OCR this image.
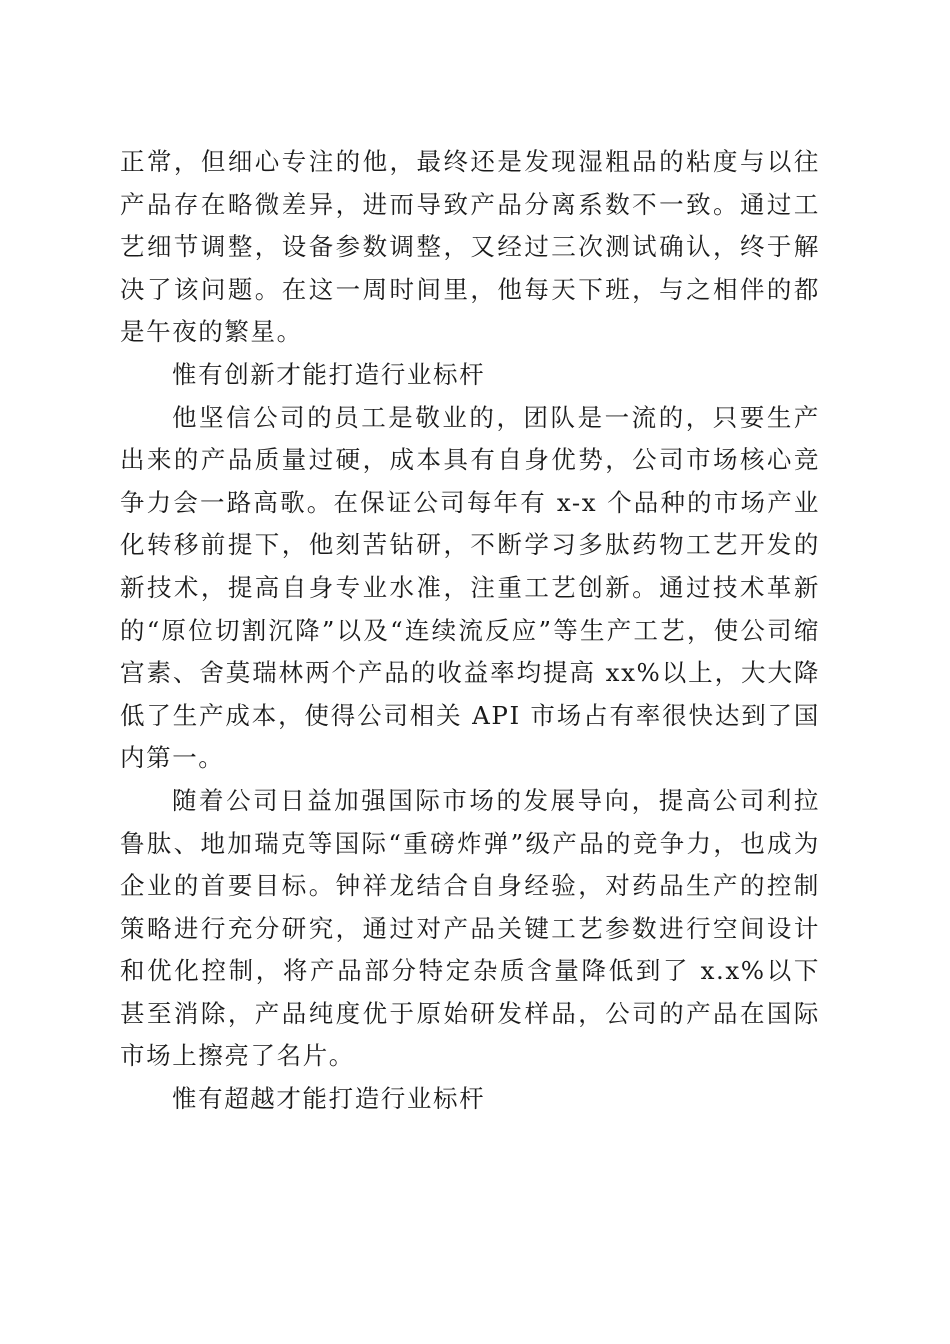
正常，但细心专注的他，最终还是发现湿粗品的粘度与以往产品存在略微差异，进而导致产品分离系数不一致。通过工艺细节调整，设备参数调整，又经过三次测试确认，终于解决了该问题。在这一周时间里，他每天下班，与之相伴的都是午夜的繁星。

惟有创新才能打造行业标杆

他坚信公司的员工是敬业的，团队是一流的，只要生产出来的产品质量过硬，成本具有自身优势，公司市场核心竞争力会一路高歌。在保证公司每年有 x-x 个品种的市场产业化转移前提下，他刻苦钻研，不断学习多肽药物工艺开发的新技术，提高自身专业水准，注重工艺创新。通过技术革新的“原位切割沉降”以及“连续流反应”等生产工艺，使公司缩宫素、舍莫瑞林两个产品的收益率均提高 xx%以上，大大降低了生产成本，使得公司相关 API 市场占有率很快达到了国内第一。

随着公司日益加强国际市场的发展导向，提高公司利拉鲁肽、地加瑞克等国际“重磅炸弹”级产品的竞争力，也成为企业的首要目标。钟祥龙结合自身经验，对药品生产的控制策略进行充分研究，通过对产品关键工艺参数进行空间设计和优化控制，将产品部分特定杂质含量降低到了 x.x%以下甚至消除，产品纯度优于原始研发样品，公司的产品在国际市场上擦亮了名片。

惟有超越才能打造行业标杆
